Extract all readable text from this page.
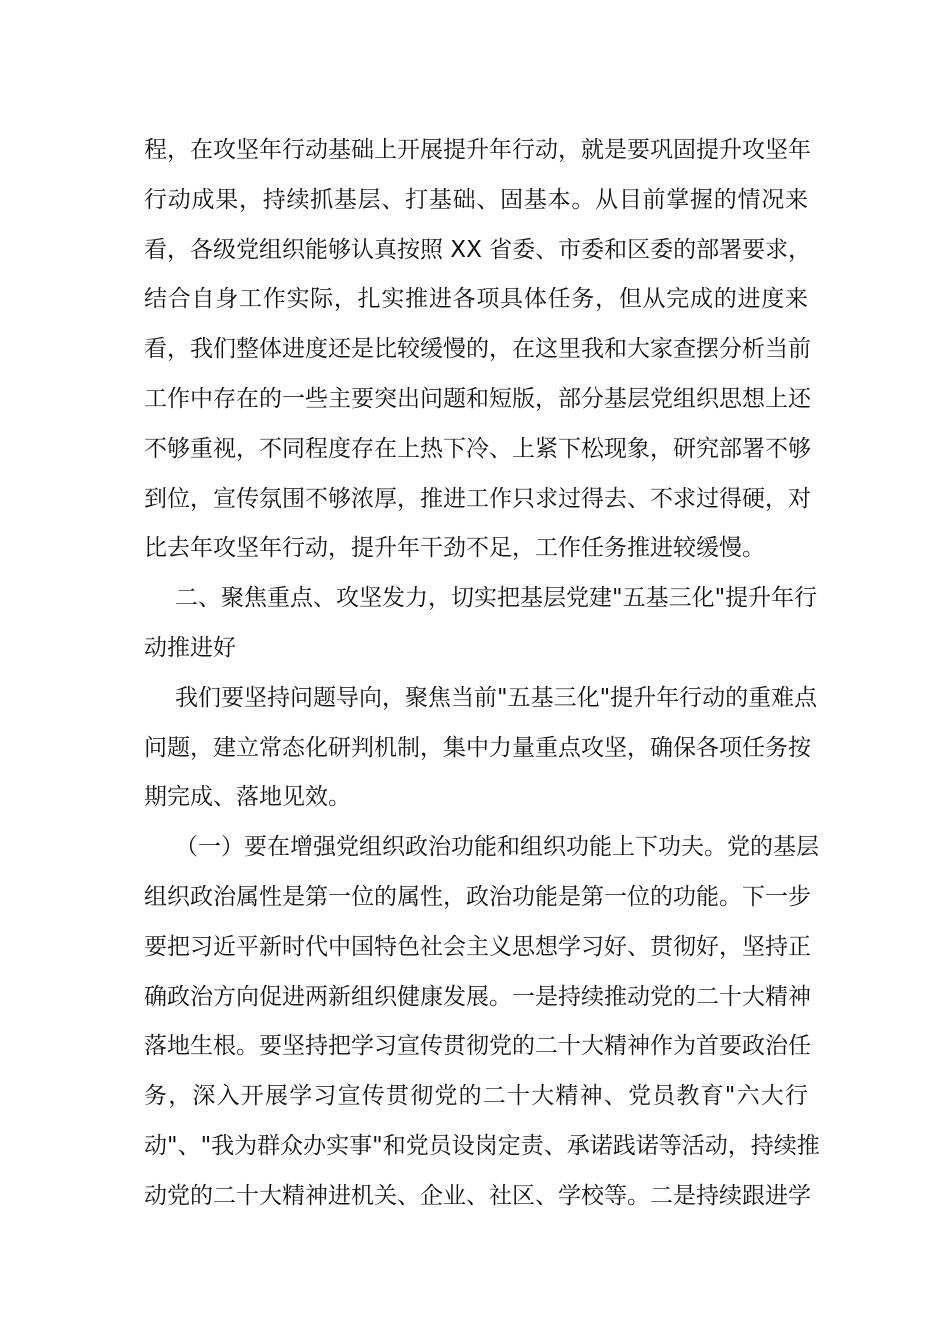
程，在攻坚年行动基础上开展提升年行动，就是要巩固提升攻坚年

行动成果，持续抓基层、打基础、固基本。从目前掌握的情况来

看，各级党组织能够认真按照 XX 省委、市委和区委的部署要求，

结合自身工作实际，扎实推进各项具体任务，但从完成的进度来

看，我们整体进度还是比较缓慢的，在这里我和大家查摆分析当前

工作中存在的一些主要突出问题和短版，部分基层党组织思想上还

不够重视，不同程度存在上热下冷、上紧下松现象，研究部署不够

到位，宣传氛围不够浓厚，推进工作只求过得去、不求过得硬，对

比去年攻坚年行动，提升年干劲不足，工作任务推进较缓慢。

二、聚焦重点、攻坚发力，切实把基层党建"五基三化"提升年行

动推进好

我们要坚持问题导向，聚焦当前"五基三化"提升年行动的重难点

问题，建立常态化研判机制，集中力量重点攻坚，确保各项任务按

期完成、落地见效。

（一）要在增强党组织政治功能和组织功能上下功夫。党的基层

组织政治属性是第一位的属性，政治功能是第一位的功能。下一步

要把习近平新时代中国特色社会主义思想学习好、贯彻好，坚持正

确政治方向促进两新组织健康发展。一是持续推动党的二十大精神

落地生根。要坚持把学习宣传贯彻党的二十大精神作为首要政治任

务，深入开展学习宣传贯彻党的二十大精神、党员教育"六大行

动"、"我为群众办实事"和党员设岗定责、承诺践诺等活动，持续推

动党的二十大精神进机关、企业、社区、学校等。二是持续跟进学
